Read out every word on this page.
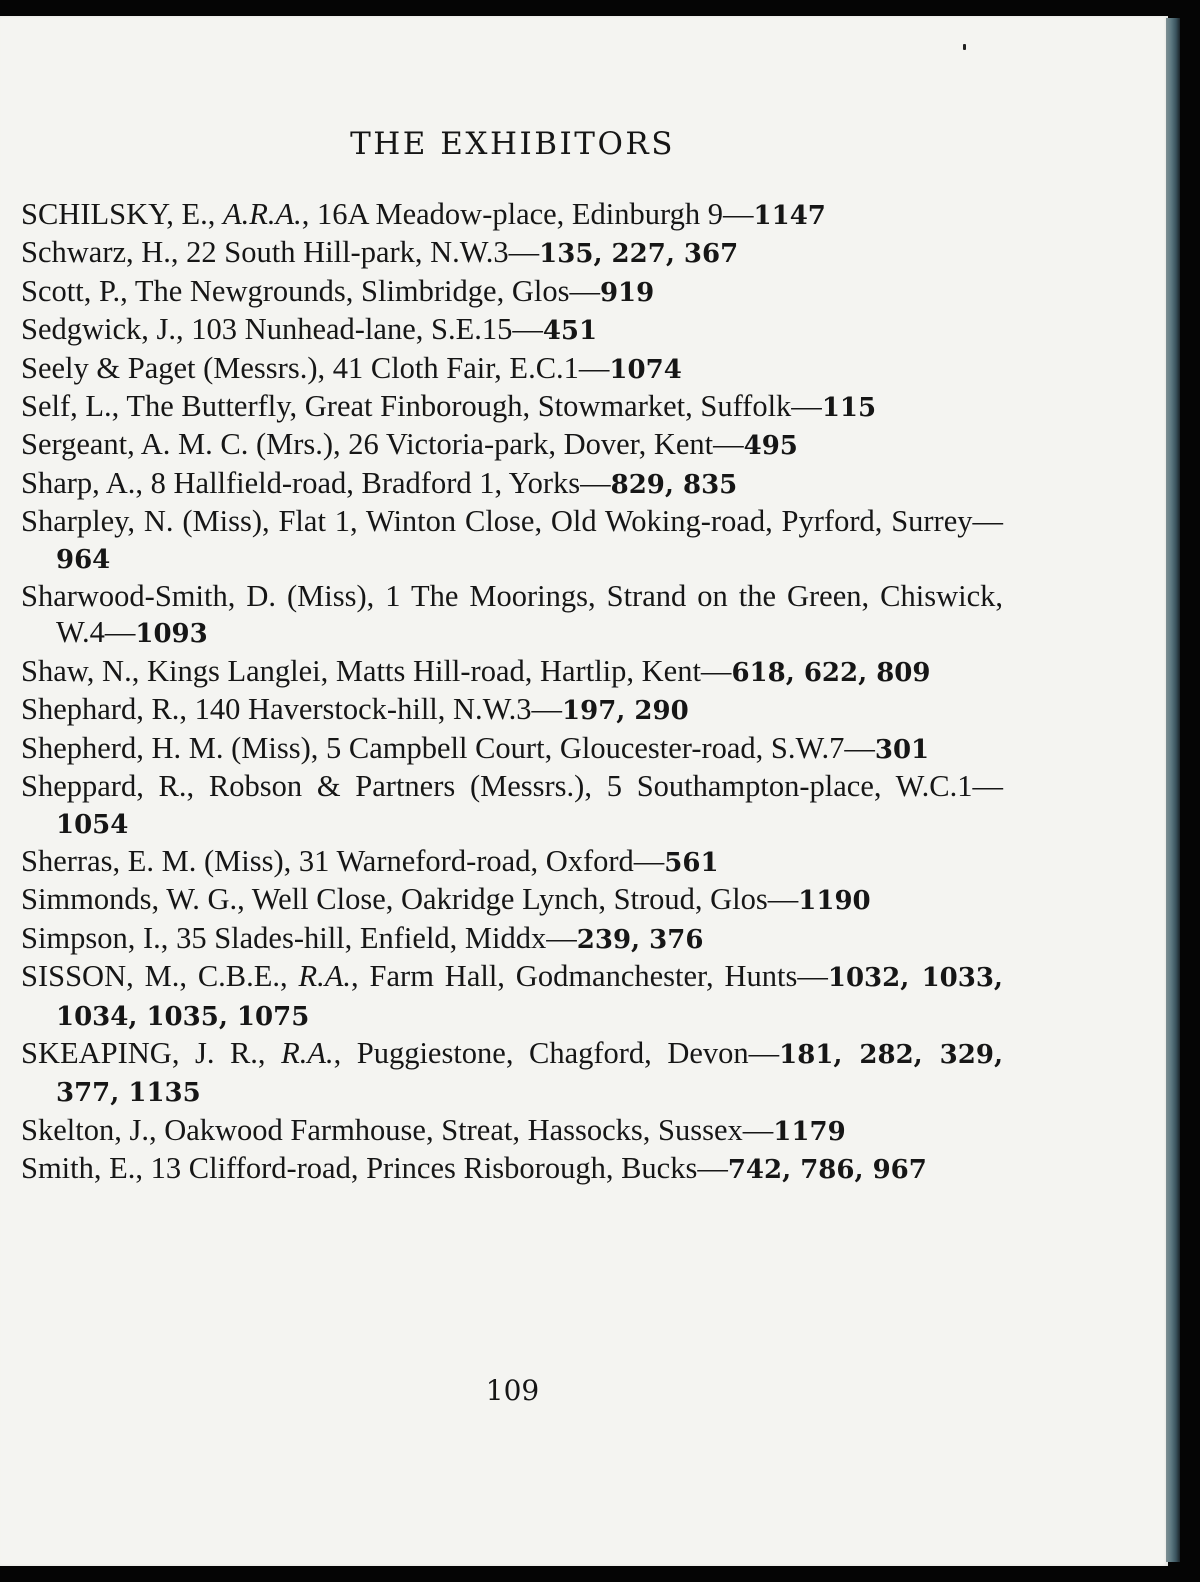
THE EXHIBITORS
SCHILSKY, E., A.R.A., 16A Meadow-place, Edinburgh 9—1147
Schwarz, H., 22 South Hill-park, N.W.3—135, 227, 367
Scott, P., The Newgrounds, Slimbridge, Glos—919
Sedgwick, J., 103 Nunhead-lane, S.E.15—451
Seely & Paget (Messrs.), 41 Cloth Fair, E.C.1—1074
Self, L., The Butterfly, Great Finborough, Stowmarket, Suffolk—115
Sergeant, A. M. C. (Mrs.), 26 Victoria-park, Dover, Kent—495
Sharp, A., 8 Hallfield-road, Bradford 1, Yorks—829, 835
Sharpley, N. (Miss), Flat 1, Winton Close, Old Woking-road, Pyrford, Surrey—964
Sharwood-Smith, D. (Miss), 1 The Moorings, Strand on the Green, Chiswick, W.4—1093
Shaw, N., Kings Langlei, Matts Hill-road, Hartlip, Kent—618, 622, 809
Shephard, R., 140 Haverstock-hill, N.W.3—197, 290
Shepherd, H. M. (Miss), 5 Campbell Court, Gloucester-road, S.W.7—301
Sheppard, R., Robson & Partners (Messrs.), 5 Southampton-place, W.C.1—1054
Sherras, E. M. (Miss), 31 Warneford-road, Oxford—561
Simmonds, W. G., Well Close, Oakridge Lynch, Stroud, Glos—1190
Simpson, I., 35 Slades-hill, Enfield, Middx—239, 376
SISSON, M., C.B.E., R.A., Farm Hall, Godmanchester, Hunts—1032, 1033, 1034, 1035, 1075
SKEAPING, J. R., R.A., Puggiestone, Chagford, Devon—181, 282, 329, 377, 1135
Skelton, J., Oakwood Farmhouse, Streat, Hassocks, Sussex—1179
Smith, E., 13 Clifford-road, Princes Risborough, Bucks—742, 786, 967
109
